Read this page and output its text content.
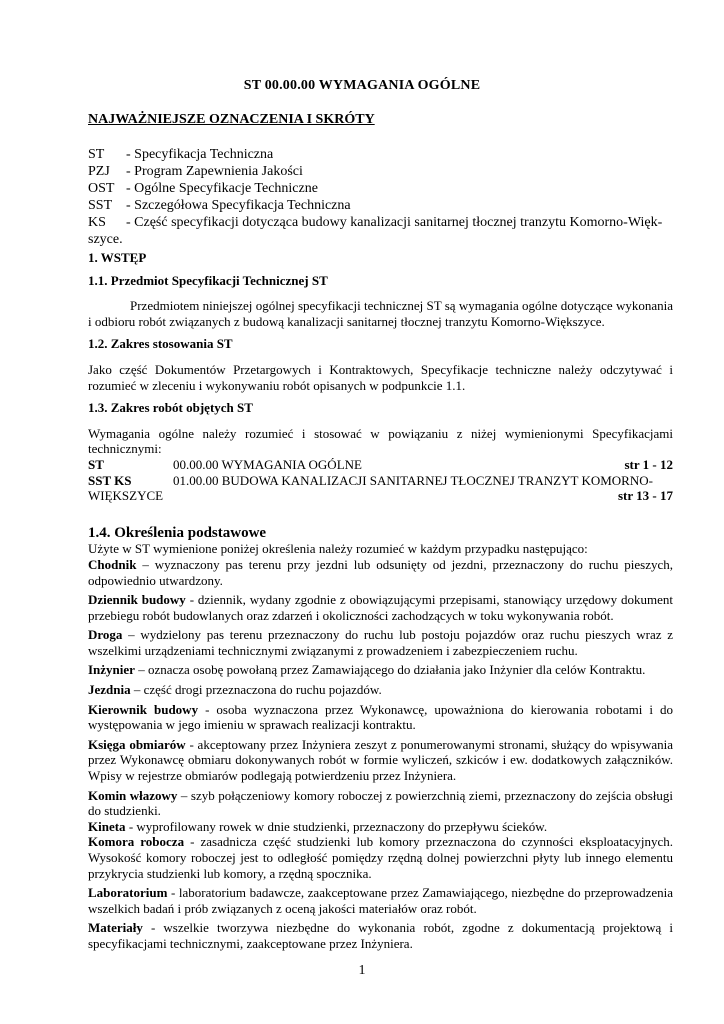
ST 00.00.00 WYMAGANIA OGÓLNE
NAJWAŻNIEJSZE OZNACZENIA I SKRÓTY
ST	- Specyfikacja Techniczna
PZJ	- Program Zapewnienia Jakości
OST - Ogólne Specyfikacje Techniczne
SST - Szczegółowa Specyfikacja Techniczna
KS	- Część specyfikacji dotycząca budowy kanalizacji sanitarnej tłocznej tranzytu Komorno-Więk-
szyce.
1. WSTĘP
1.1. Przedmiot Specyfikacji Technicznej ST

Przedmiotem niniejszej ogólnej specyfikacji technicznej ST są wymagania ogólne dotyczące wykonania i odbioru robót związanych z budową kanalizacji sanitarnej tłocznej tranzytu Komorno-Większyce.

1.2. Zakres stosowania ST

Jako część Dokumentów Przetargowych i Kontraktowych, Specyfikacje techniczne należy odczytywać i rozumieć w zleceniu i wykonywaniu robót opisanych w podpunkcie 1.1.

1.3. Zakres robót objętych ST

Wymagania ogólne należy rozumieć i stosować w powiązaniu z niżej wymienionymi Specyfikacjami technicznymi:

ST	00.00.00 WYMAGANIA OGÓLNE	str 1 - 12
SST KS	01.00.00 BUDOWA KANALIZACJI SANITARNEJ TŁOCZNEJ TRANZYT KOMORNO-
WIĘKSZYCE	str 13 - 17
1.4. Określenia podstawowe

Użyte w ST wymienione poniżej określenia należy rozumieć w każdym przypadku następująco:

Chodnik – wyznaczony pas terenu przy jezdni lub odsunięty od jezdni, przeznaczony do ruchu pieszych, odpowiednio utwardzony.

Dziennik budowy - dziennik, wydany zgodnie z obowiązującymi przepisami, stanowiący urzędowy dokument przebiegu robót budowlanych oraz zdarzeń i okoliczności zachodzących w toku wykonywania robót.

Droga – wydzielony pas terenu przeznaczony do ruchu lub postoju pojazdów oraz ruchu pieszych wraz z wszelkimi urządzeniami technicznymi związanymi z prowadzeniem i zabezpieczeniem ruchu.

Inżynier – oznacza osobę powołaną przez Zamawiającego do działania jako Inżynier dla celów Kontraktu.

Jezdnia – część drogi przeznaczona do ruchu pojazdów.

Kierownik budowy - osoba wyznaczona przez Wykonawcę, upoważniona do kierowania robotami i do występowania w jego imieniu w sprawach realizacji kontraktu.

Księga obmiarów - akceptowany przez Inżyniera zeszyt z ponumerowanymi stronami, służący do wpisywania przez Wykonawcę obmiaru dokonywanych robót w formie wyliczeń, szkiców i ew. dodatkowych załączników. Wpisy w rejestrze obmiarów podlegają potwierdzeniu przez Inżyniera.

Komin włazowy – szyb połączeniowy komory roboczej z powierzchnią ziemi, przeznaczony do zejścia obsługi do studzienki.

Kineta - wyprofilowany rowek w dnie studzienki, przeznaczony do przepływu ścieków.

Komora robocza - zasadnicza część studzienki lub komory przeznaczona do czynności eksploatacyjnych. Wysokość komory roboczej jest to odległość pomiędzy rzędną dolnej powierzchni płyty lub innego elementu przykrycia studzienki lub komory, a rzędną spocznika.

Laboratorium - laboratorium badawcze, zaakceptowane przez Zamawiającego, niezbędne do przeprowadzenia wszelkich badań i prób związanych z oceną jakości materiałów oraz robót.

Materiały - wszelkie tworzywa niezbędne do wykonania robót, zgodne z dokumentacją projektową i specyfikacjami technicznymi, zaakceptowane przez Inżyniera.

1
